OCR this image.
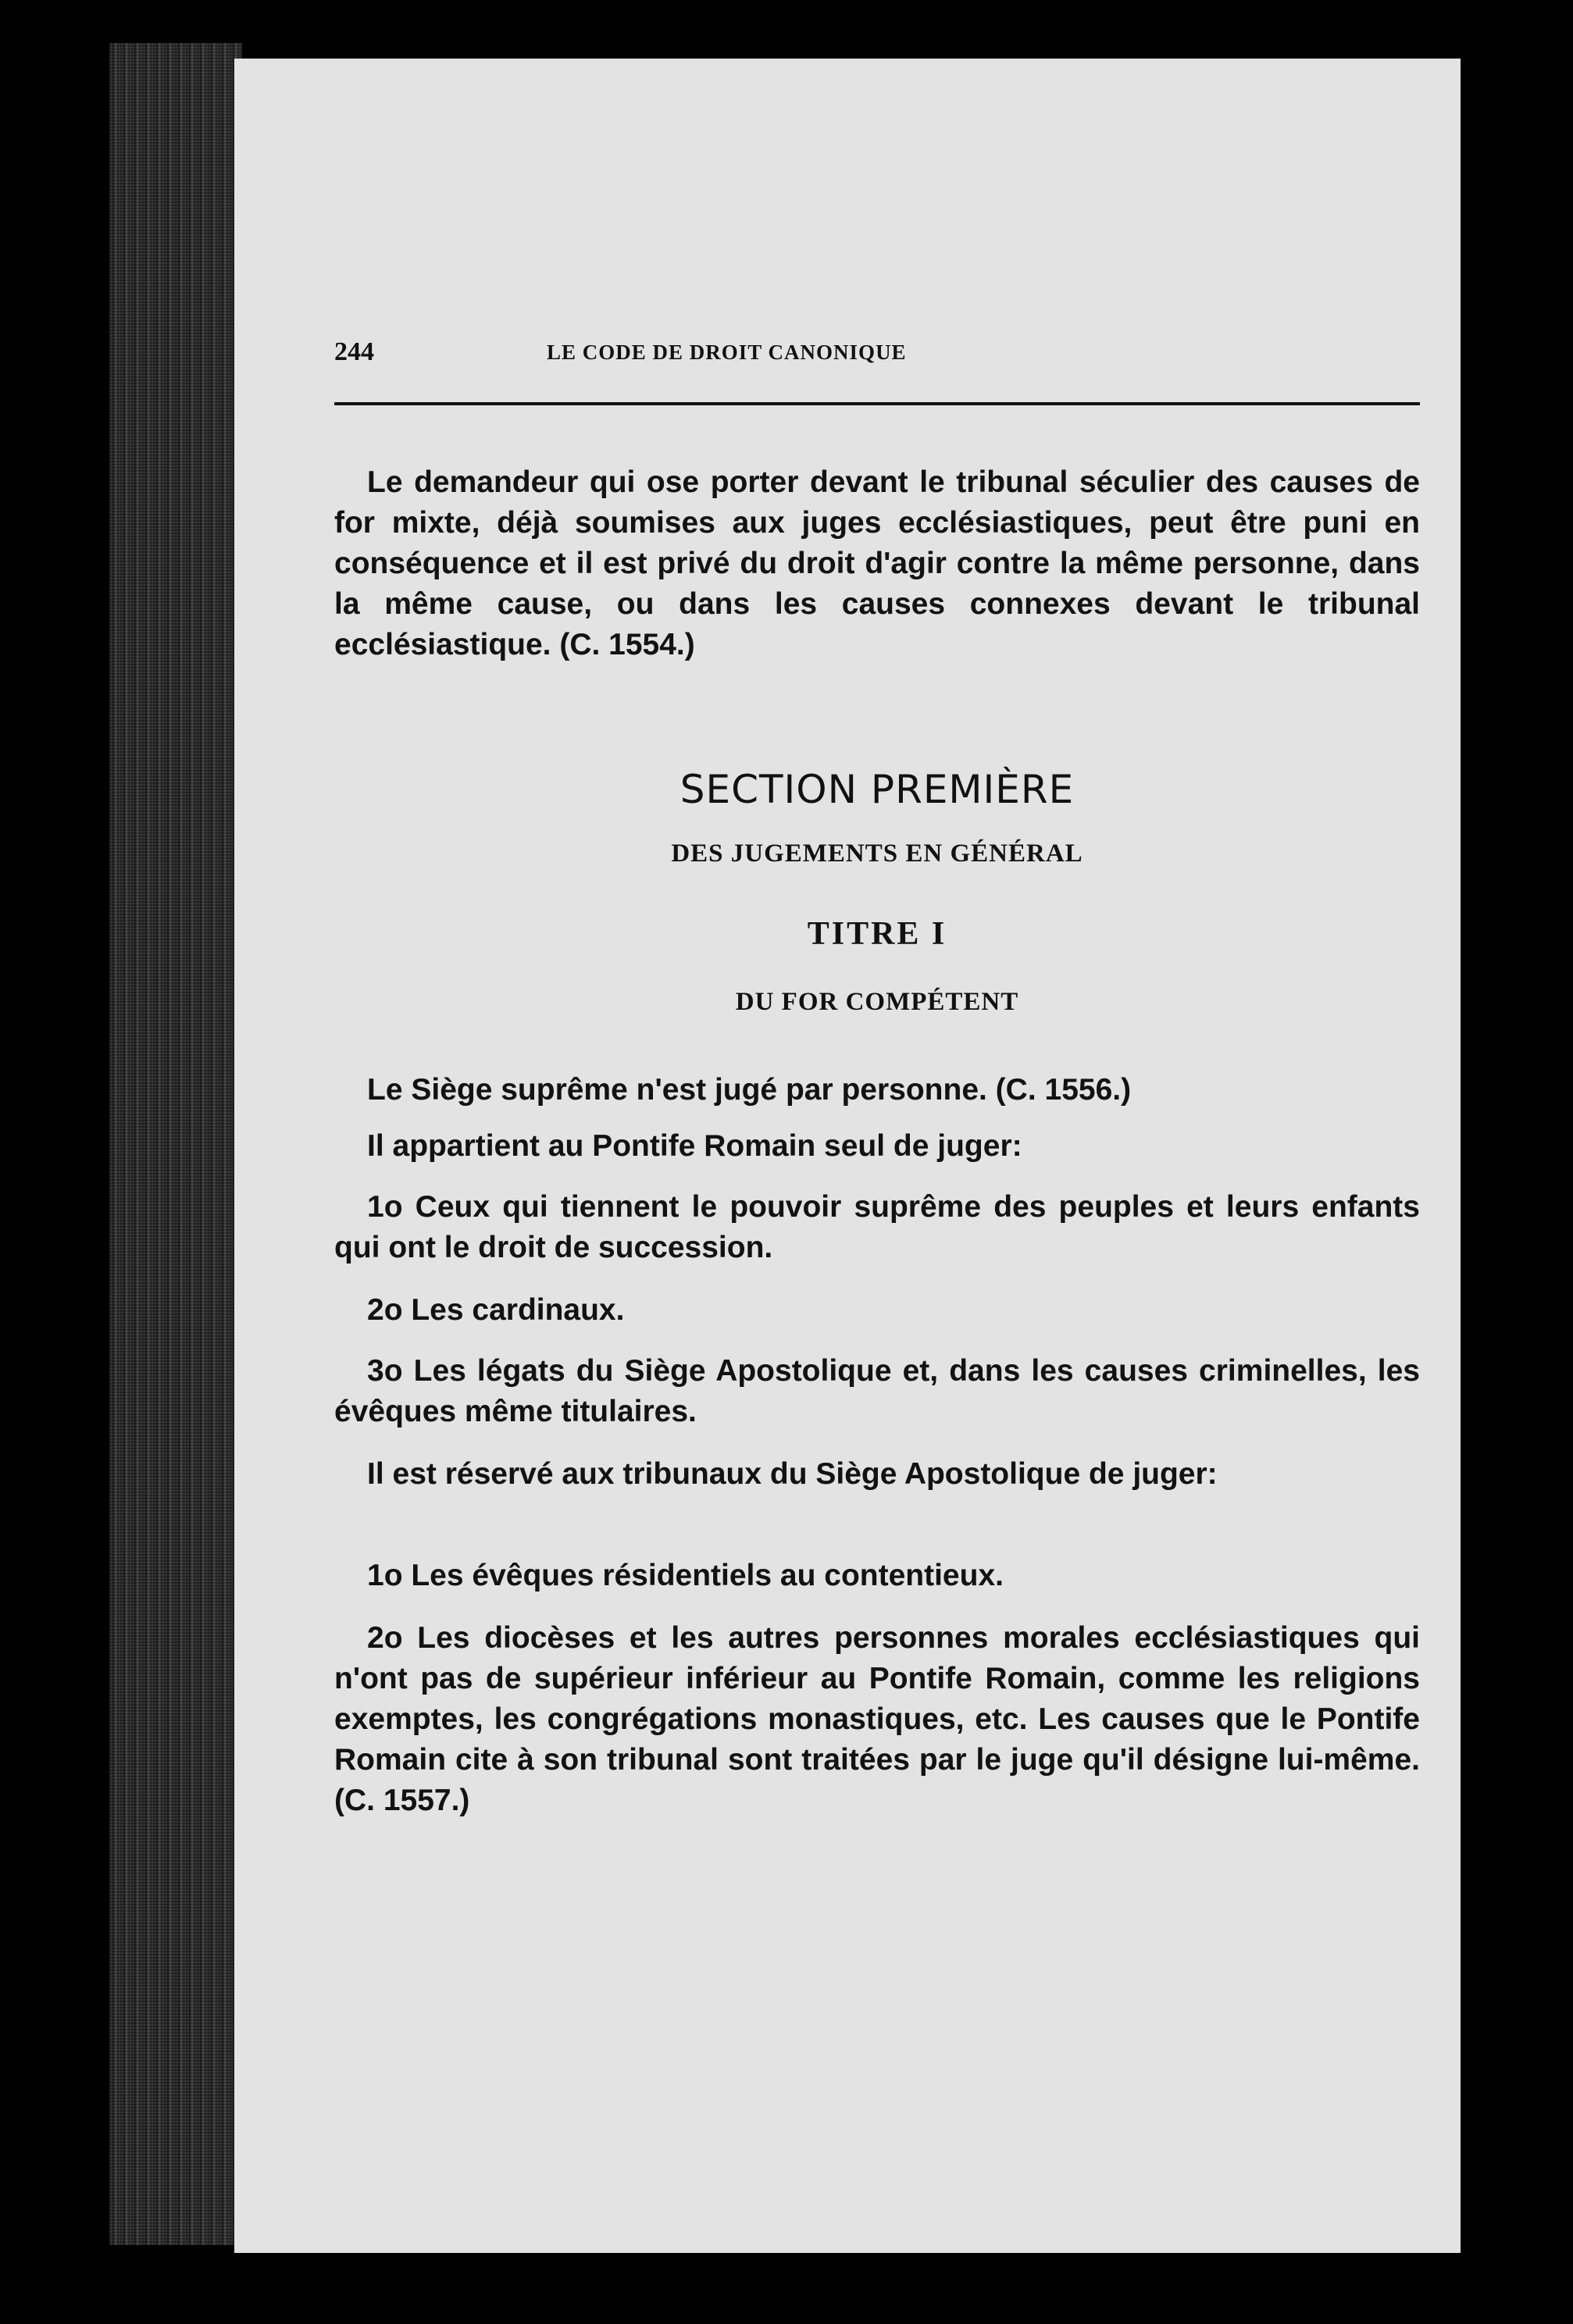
244	LE CODE DE DROIT CANONIQUE

Le demandeur qui ose porter devant le tribunal séculier des causes de for mixte, déjà soumises aux juges ecclésiastiques, peut être puni en conséquence et il est privé du droit d'agir contre la même personne, dans la même cause, ou dans les causes connexes devant le tribunal ecclésiastique. (C. 1554.)

SECTION PREMIÈRE
DES JUGEMENTS EN GÉNÉRAL
TITRE I
DU FOR COMPÉTENT

Le Siège suprême n'est jugé par personne. (C. 1556.)

Il appartient au Pontife Romain seul de juger:

1o Ceux qui tiennent le pouvoir suprême des peuples et leurs enfants qui ont le droit de succession.

2o Les cardinaux.

3o Les légats du Siège Apostolique et, dans les causes criminelles, les évêques même titulaires.

Il est réservé aux tribunaux du Siège Apostolique de juger:

1o Les évêques résidentiels au contentieux.

2o Les diocèses et les autres personnes morales ecclésiastiques qui n'ont pas de supérieur inférieur au Pontife Romain, comme les religions exemptes, les congrégations monastiques, etc. Les causes que le Pontife Romain cite à son tribunal sont traitées par le juge qu'il désigne lui-même. (C. 1557.)
